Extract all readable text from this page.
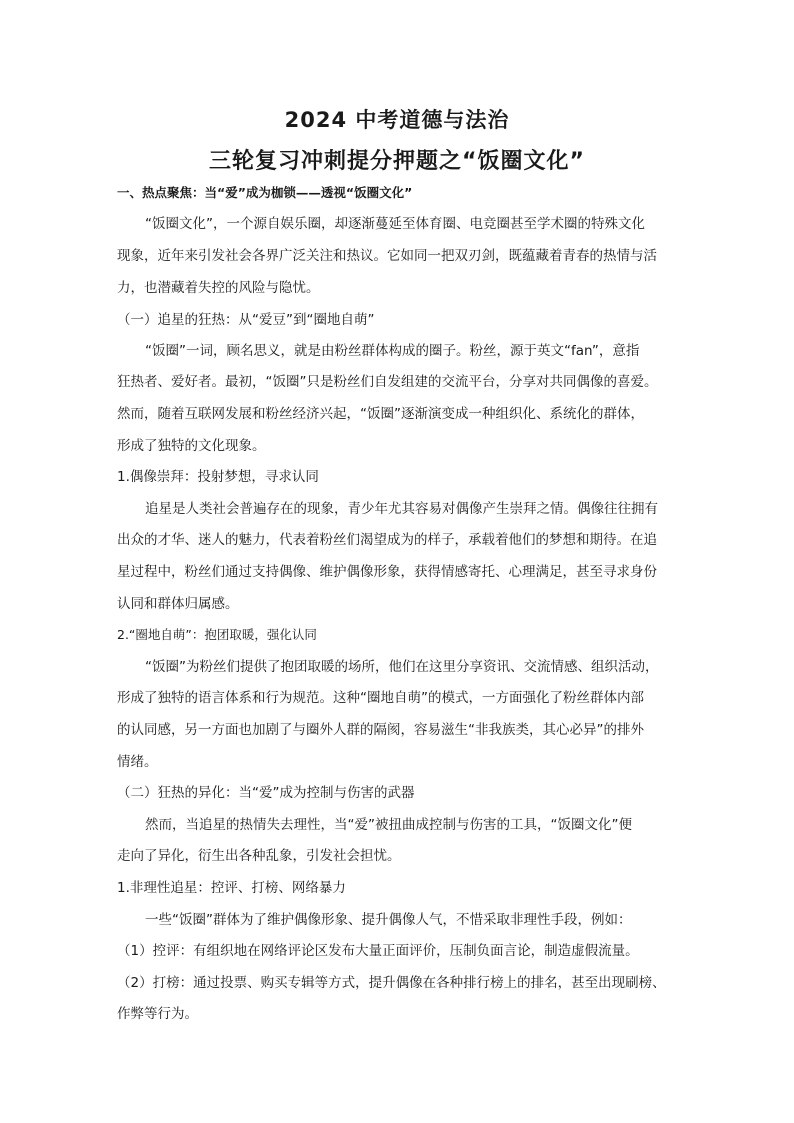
2024 中考道德与法治
三轮复习冲刺提分押题之“饭圈文化”
一、热点聚焦：当“爱”成为枷锁——透视“饭圈文化”
“饭圈文化”，一个源自娱乐圈，却逐渐蔓延至体育圈、电竞圈甚至学术圈的特殊文化
现象，近年来引发社会各界广泛关注和热议。它如同一把双刃剑，既蕴藏着青春的热情与活
力，也潜藏着失控的风险与隐忧。
（一）追星的狂热：从“爱豆”到“圈地自萌”
“饭圈”一词，顾名思义，就是由粉丝群体构成的圈子。粉丝，源于英文“fan”，意指
狂热者、爱好者。最初，“饭圈”只是粉丝们自发组建的交流平台，分享对共同偶像的喜爱。
然而，随着互联网发展和粉丝经济兴起，“饭圈”逐渐演变成一种组织化、系统化的群体，
形成了独特的文化现象。
1.偶像崇拜：投射梦想，寻求认同
追星是人类社会普遍存在的现象，青少年尤其容易对偶像产生崇拜之情。偶像往往拥有
出众的才华、迷人的魅力，代表着粉丝们渴望成为的样子，承载着他们的梦想和期待。在追
星过程中，粉丝们通过支持偶像、维护偶像形象，获得情感寄托、心理满足，甚至寻求身份
认同和群体归属感。
2.“圈地自萌”：抱团取暖，强化认同
“饭圈”为粉丝们提供了抱团取暖的场所，他们在这里分享资讯、交流情感、组织活动，
形成了独特的语言体系和行为规范。这种“圈地自萌”的模式，一方面强化了粉丝群体内部
的认同感，另一方面也加剧了与圈外人群的隔阂，容易滋生“非我族类，其心必异”的排外
情绪。
（二）狂热的异化：当“爱”成为控制与伤害的武器
然而，当追星的热情失去理性，当“爱”被扭曲成控制与伤害的工具，“饭圈文化”便
走向了异化，衍生出各种乱象，引发社会担忧。
1.非理性追星：控评、打榜、网络暴力
一些“饭圈”群体为了维护偶像形象、提升偶像人气，不惜采取非理性手段，例如：
（1）控评：有组织地在网络评论区发布大量正面评价，压制负面言论，制造虚假流量。
（2）打榜：通过投票、购买专辑等方式，提升偶像在各种排行榜上的排名，甚至出现刷榜、
作弊等行为。
